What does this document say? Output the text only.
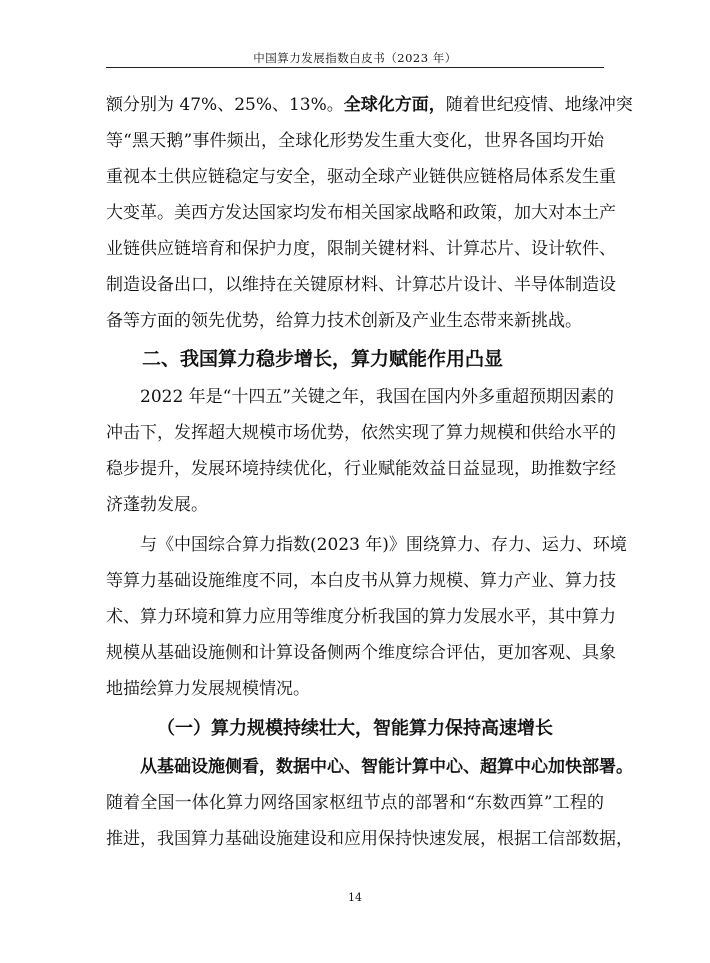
中国算力发展指数白皮书（2023 年）
额分别为 47%、25%、13%。全球化方面，随着世纪疫情、地缘冲突
等“黑天鹅”事件频出，全球化形势发生重大变化，世界各国均开始
重视本土供应链稳定与安全，驱动全球产业链供应链格局体系发生重
大变革。美西方发达国家均发布相关国家战略和政策，加大对本土产
业链供应链培育和保护力度，限制关键材料、计算芯片、设计软件、
制造设备出口，以维持在关键原材料、计算芯片设计、半导体制造设
备等方面的领先优势，给算力技术创新及产业生态带来新挑战。
二、我国算力稳步增长，算力赋能作用凸显
2022 年是“十四五”关键之年，我国在国内外多重超预期因素的
冲击下，发挥超大规模市场优势，依然实现了算力规模和供给水平的
稳步提升，发展环境持续优化，行业赋能效益日益显现，助推数字经
济蓬勃发展。
与《中国综合算力指数(2023 年)》围绕算力、存力、运力、环境
等算力基础设施维度不同，本白皮书从算力规模、算力产业、算力技
术、算力环境和算力应用等维度分析我国的算力发展水平，其中算力
规模从基础设施侧和计算设备侧两个维度综合评估，更加客观、具象
地描绘算力发展规模情况。
（一）算力规模持续壮大，智能算力保持高速增长
从基础设施侧看，数据中心、智能计算中心、超算中心加快部署。
随着全国一体化算力网络国家枢纽节点的部署和“东数西算”工程的
推进，我国算力基础设施建设和应用保持快速发展，根据工信部数据，
14
